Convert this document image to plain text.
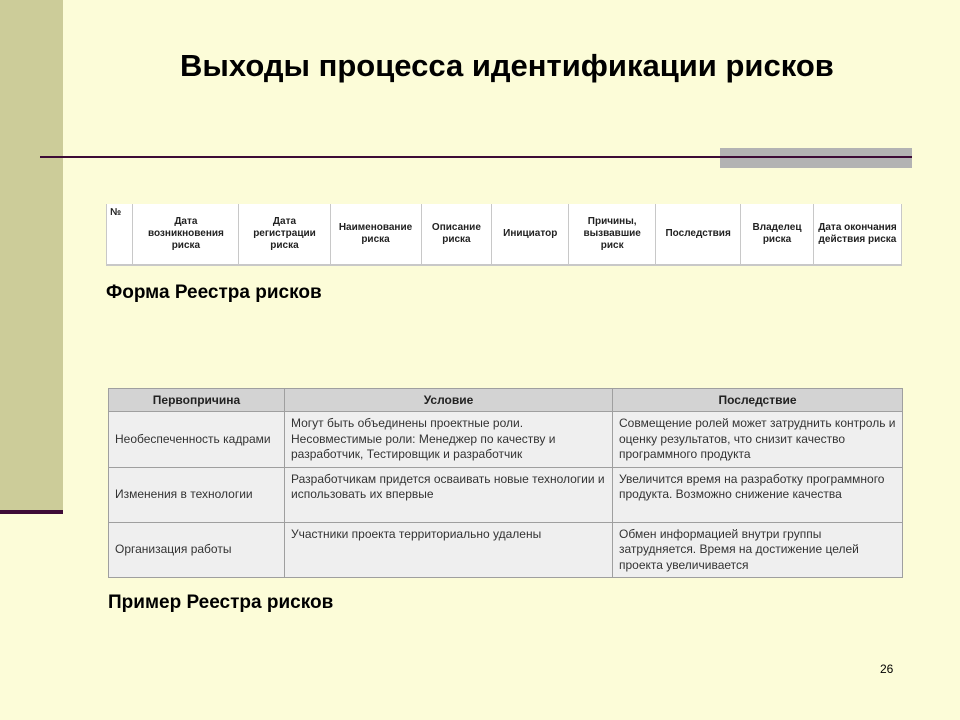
Выходы процесса идентификации рисков
№	Дата возникновения риска	Дата регистрации риска	Наименование риска	Описание риска	Инициатор	Причины, вызвавшие риск	Последствия	Владелец риска	Дата окончания действия риска
Форма Реестра рисков
Первопричина	Условие	Последствие
Необеспеченность кадрами	Могут быть объединены проектные роли. Несовместимые роли: Менеджер по качеству и разработчик, Тестировщик и разработчик	Совмещение ролей может затруднить контроль и оценку результатов, что снизит качество программного продукта
Изменения в технологии	Разработчикам придется осваивать новые технологии и использовать их впервые	Увеличится время на разработку программного продукта. Возможно снижение качества
Организация работы	Участники проекта территориально удалены	Обмен информацией внутри группы затрудняется. Время на достижение целей проекта увеличивается
Пример Реестра рисков
26
